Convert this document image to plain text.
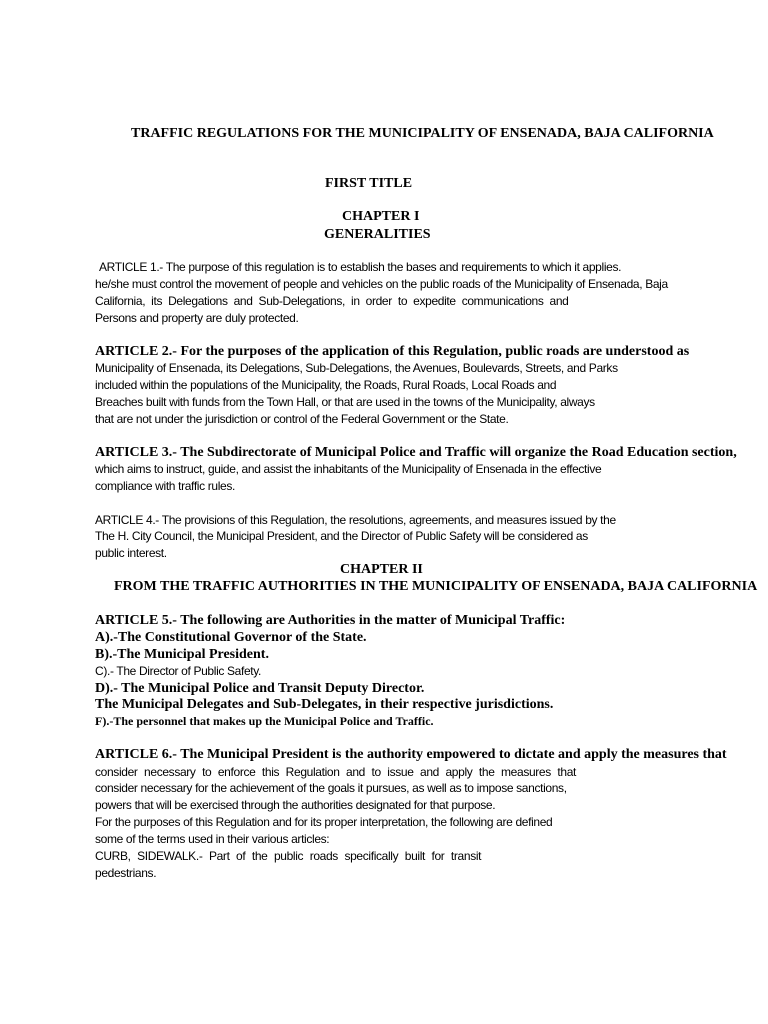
TRAFFIC REGULATIONS FOR THE MUNICIPALITY OF ENSENADA, BAJA CALIFORNIA

FIRST TITLE

CHAPTER I

GENERALITIES

ARTICLE 1.- The purpose of this regulation is to establish the bases and requirements to which it applies.

he/she must control the movement of people and vehicles on the public roads of the Municipality of Ensenada, Baja

California, its Delegations and Sub-Delegations, in order to expedite communications and

Persons and property are duly protected.

ARTICLE 2.- For the purposes of the application of this Regulation, public roads are understood as

Municipality of Ensenada, its Delegations, Sub-Delegations, the Avenues, Boulevards, Streets, and Parks

included within the populations of the Municipality, the Roads, Rural Roads, Local Roads and

Breaches built with funds from the Town Hall, or that are used in the towns of the Municipality, always

that are not under the jurisdiction or control of the Federal Government or the State.

ARTICLE 3.- The Subdirectorate of Municipal Police and Traffic will organize the Road Education section,

which aims to instruct, guide, and assist the inhabitants of the Municipality of Ensenada in the effective

compliance with traffic rules.

ARTICLE 4.- The provisions of this Regulation, the resolutions, agreements, and measures issued by the

The H. City Council, the Municipal President, and the Director of Public Safety will be considered as

public interest.

CHAPTER II

FROM THE TRAFFIC AUTHORITIES IN THE MUNICIPALITY OF ENSENADA, BAJA CALIFORNIA

ARTICLE 5.- The following are Authorities in the matter of Municipal Traffic:

A).-The Constitutional Governor of the State.

B).-The Municipal President.

C).- The Director of Public Safety.

D).- The Municipal Police and Transit Deputy Director.

The Municipal Delegates and Sub-Delegates, in their respective jurisdictions.

F).-The personnel that makes up the Municipal Police and Traffic.

ARTICLE 6.- The Municipal President is the authority empowered to dictate and apply the measures that

consider necessary to enforce this Regulation and to issue and apply the measures that

consider necessary for the achievement of the goals it pursues, as well as to impose sanctions,

powers that will be exercised through the authorities designated for that purpose.

For the purposes of this Regulation and for its proper interpretation, the following are defined

some of the terms used in their various articles:

CURB, SIDEWALK.- Part of the public roads specifically built for transit

pedestrians.
